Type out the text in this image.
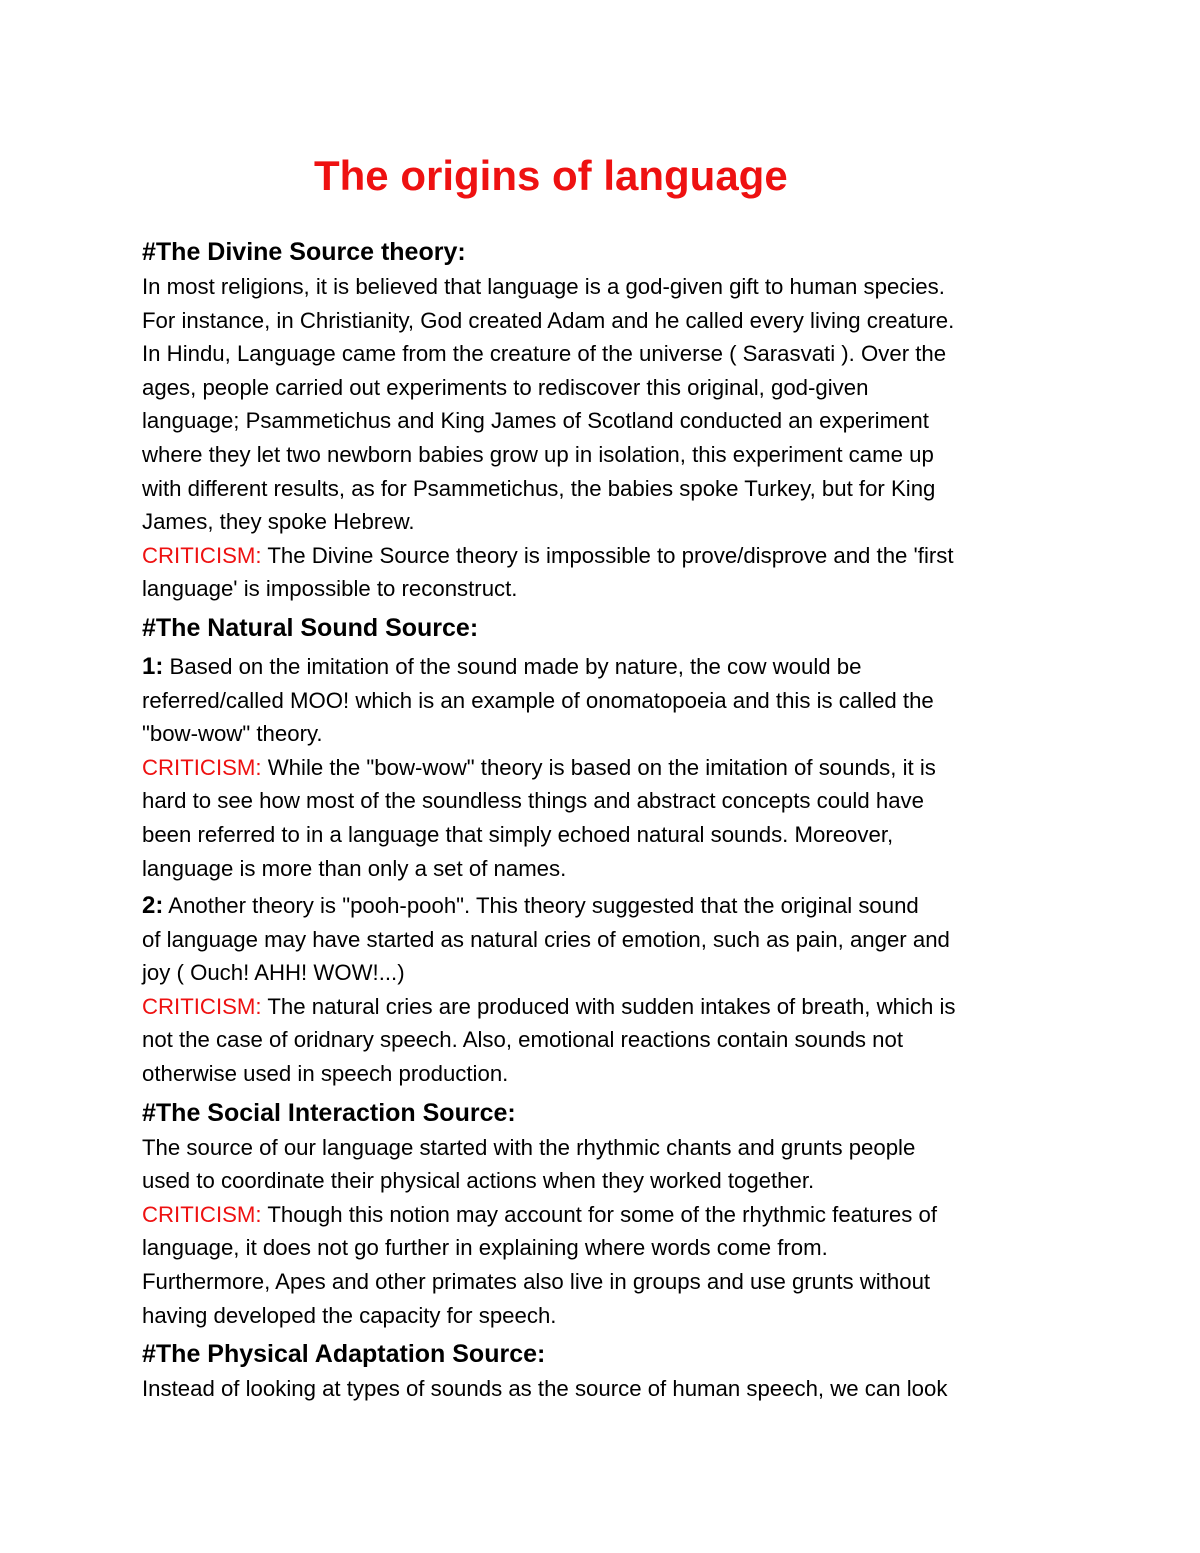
The origins of language
#The Divine Source theory:

In most religions, it is believed that language is a god-given gift to human species.
For instance, in Christianity, God created Adam and he called every living creature.
In Hindu, Language came from the creature of the universe ( Sarasvati ). Over the
ages, people carried out experiments to rediscover this original, god-given
language; Psammetichus and King James of Scotland conducted an experiment
where they let two newborn babies grow up in isolation, this experiment came up
with different results, as for Psammetichus, the babies spoke Turkey, but for King
James, they spoke Hebrew.

CRITICISM: The Divine Source theory is impossible to prove/disprove and the 'first
language' is impossible to reconstruct.

#The Natural Sound Source:

1: Based on the imitation of the sound made by nature, the cow would be
referred/called MOO! which is an example of onomatopoeia and this is called the
"bow-wow" theory.

CRITICISM: While the "bow-wow" theory is based on the imitation of sounds, it is
hard to see how most of the soundless things and abstract concepts could have
been referred to in a language that simply echoed natural sounds. Moreover,
language is more than only a set of names.

2: Another theory is "pooh-pooh". This theory suggested that the original sound
of language may have started as natural cries of emotion, such as pain, anger and
joy ( Ouch! AHH! WOW!...)

CRITICISM: The natural cries are produced with sudden intakes of breath, which is
not the case of oridnary speech. Also, emotional reactions contain sounds not
otherwise used in speech production.

#The Social Interaction Source:

The source of our language started with the rhythmic chants and grunts people
used to coordinate their physical actions when they worked together.

CRITICISM: Though this notion may account for some of the rhythmic features of
language, it does not go further in explaining where words come from.
Furthermore, Apes and other primates also live in groups and use grunts without
having developed the capacity for speech.

#The Physical Adaptation Source:

Instead of looking at types of sounds as the source of human speech, we can look
